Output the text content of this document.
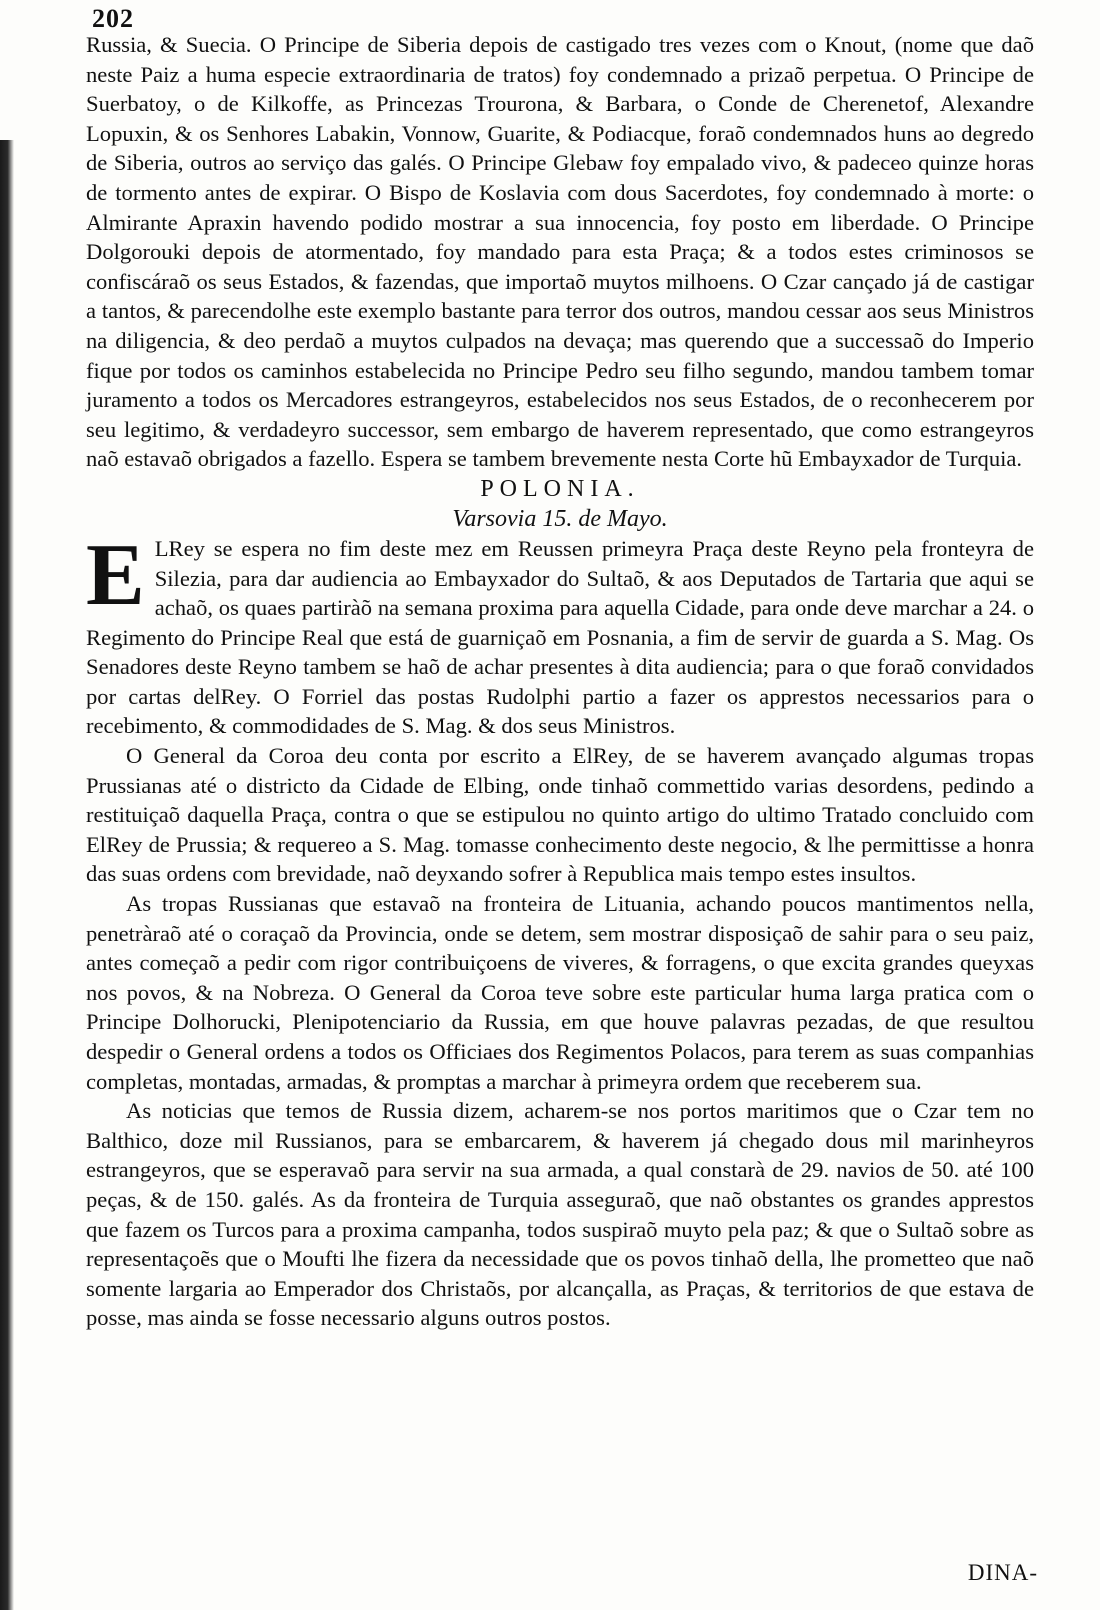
202

Russia, & Suecia. O Principe de Siberia depois de castigado tres vezes com o Knout, (nome que daõ neste Paiz a huma especie extraordinaria de tratos) foy condemnado a prizaõ perpetua. O Principe de Suerbatoy, o de Kilkoffe, as Princezas Trourona, & Barbara, o Conde de Cherenetof, Alexandre Lopuxin, & os Senhores Labakin, Vonnow, Guarite, & Podiacque, foraõ condemnados huns ao degredo de Siberia, outros ao serviço das galés. O Principe Glebaw foy empalado vivo, & padeceo quinze horas de tormento antes de expirar. O Bispo de Koslavia com dous Sacerdotes, foy condemnado à morte: o Almirante Apraxin havendo podido mostrar a sua innocencia, foy posto em liberdade. O Principe Dolgorouki depois de atormentado, foy mandado para esta Praça; & a todos estes criminosos se confiscáraõ os seus Estados, & fazendas, que importaõ muytos milhoens. O Czar cançado já de castigar a tantos, & parecendolhe este exemplo bastante para terror dos outros, mandou cessar aos seus Ministros na diligencia, & deo perdaõ a muytos culpados na devaça; mas querendo que a successaõ do Imperio fique por todos os caminhos estabelecida no Principe Pedro seu filho segundo, mandou tambem tomar juramento a todos os Mercadores estrangeyros, estabelecidos nos seus Estados, de o reconhecerem por seu legitimo, & verdadeyro successor, sem embargo de haverem representado, que como estrangeyros naõ estavaõ obrigados a fazello. Espera se tambem brevemente nesta Corte hũ Embayxador de Turquia.

POLONIA.

Varsovia 15. de Mayo.

E LRey se espera no fim deste mez em Reussen primeyra Praça deste Reyno pela fronteyra de Silezia, para dar audiencia ao Embayxador do Sultaõ, & aos Deputados de Tartaria que aqui se achaõ, os quaes partiràõ na semana proxima para aquella Cidade, para onde deve marchar a 24. o Regimento do Principe Real que está de guarniçaõ em Posnania, a fim de servir de guarda a S. Mag. Os Senadores deste Reyno tambem se haõ de achar presentes à dita audiencia; para o que foraõ convidados por cartas delRey. O Forriel das postas Rudolphi partio a fazer os apprestos necessarios para o recebimento, & commodidades de S. Mag. & dos seus Ministros.

O General da Coroa deu conta por escrito a ElRey, de se haverem avançado algumas tropas Prussianas até o districto da Cidade de Elbing, onde tinhaõ commettido varias desordens, pedindo a restituiçaõ daquella Praça, contra o que se estipulou no quinto artigo do ultimo Tratado concluido com ElRey de Prussia; & requereo a S. Mag. tomasse conhecimento deste negocio, & lhe permittisse a honra das suas ordens com brevidade, naõ deyxando sofrer à Republica mais tempo estes insultos.

As tropas Russianas que estavaõ na fronteira de Lituania, achando poucos mantimentos nella, penetràraõ até o coraçaõ da Provincia, onde se detem, sem mostrar disposiçaõ de sahir para o seu paiz, antes começaõ a pedir com rigor contribuiçoens de viveres, & forragens, o que excita grandes queyxas nos povos, & na Nobreza. O General da Coroa teve sobre este particular huma larga pratica com o Principe Dolhorucki, Plenipotenciario da Russia, em que houve palavras pezadas, de que resultou despedir o General ordens a todos os Officiaes dos Regimentos Polacos, para terem as suas companhias completas, montadas, armadas, & promptas a marchar à primeyra ordem que receberem sua.

As noticias que temos de Russia dizem, acharem-se nos portos maritimos que o Czar tem no Balthico, doze mil Russianos, para se embarcarem, & haverem já chegado dous mil marinheyros estrangeyros, que se esperavaõ para servir na sua armada, a qual constarà de 29. navios de 50. até 100 peças, & de 150. galés. As da fronteira de Turquia asseguraõ, que naõ obstantes os grandes apprestos que fazem os Turcos para a proxima campanha, todos suspiraõ muyto pela paz; & que o Sultaõ sobre as representaçoẽs que o Moufti lhe fizera da necessidade que os povos tinhaõ della, lhe prometteo que naõ somente largaria ao Emperador dos Christaõs, por alcançalla, as Praças, & territorios de que estava de posse, mas ainda se fosse necessario alguns outros postos.

DINA-
